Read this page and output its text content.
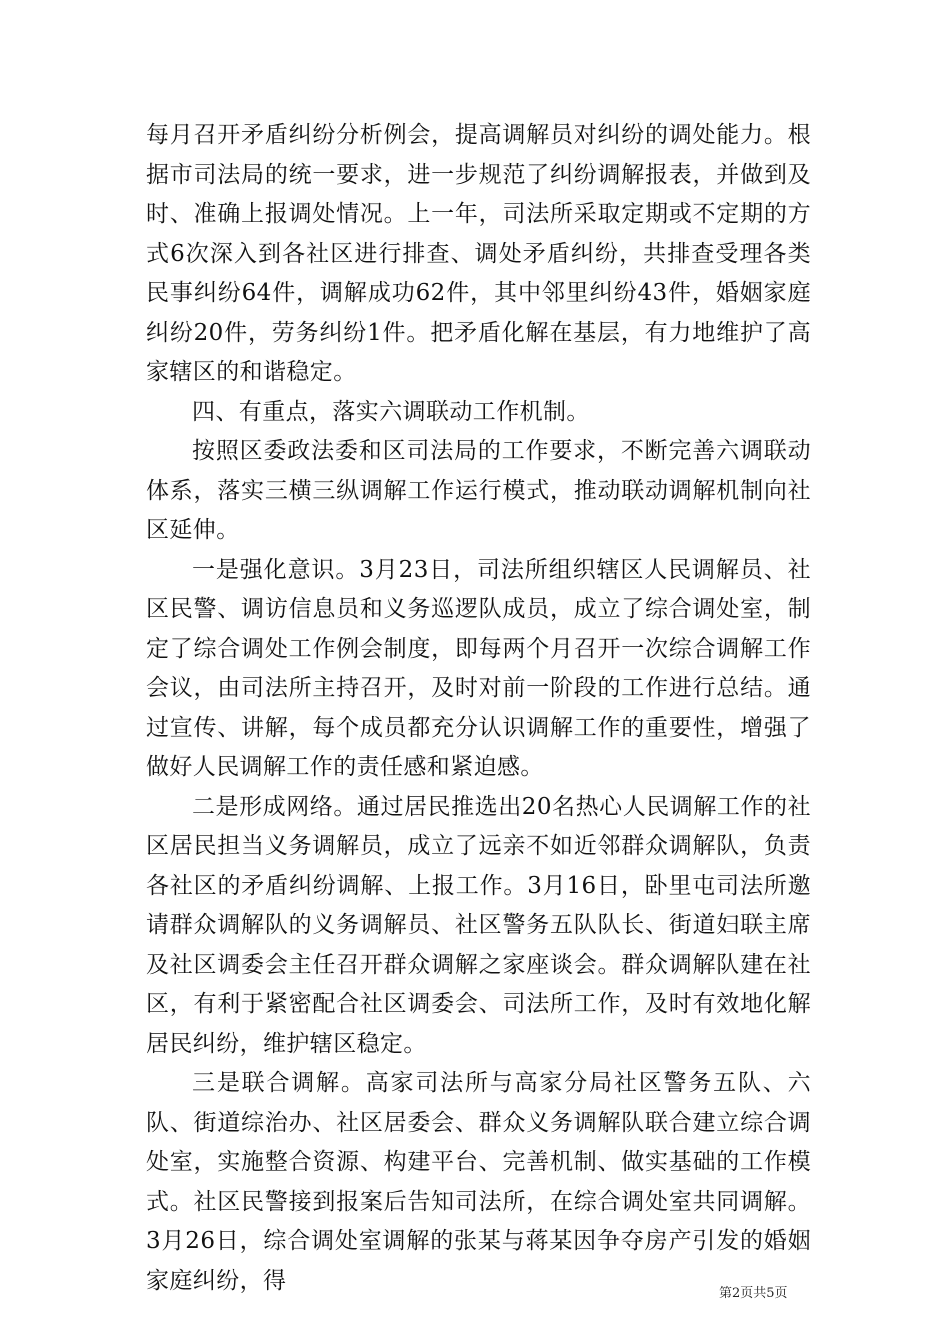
每月召开矛盾纠纷分析例会，提高调解员对纠纷的调处能力。根据市司法局的统一要求，进一步规范了纠纷调解报表，并做到及时、准确上报调处情况。上一年，司法所采取定期或不定期的方式6次深入到各社区进行排查、调处矛盾纠纷，共排查受理各类民事纠纷64件，调解成功62件，其中邻里纠纷43件，婚姻家庭纠纷20件，劳务纠纷1件。把矛盾化解在基层，有力地维护了高家辖区的和谐稳定。

四、有重点，落实六调联动工作机制。

按照区委政法委和区司法局的工作要求，不断完善六调联动体系，落实三横三纵调解工作运行模式，推动联动调解机制向社区延伸。

一是强化意识。3月23日，司法所组织辖区人民调解员、社区民警、调访信息员和义务巡逻队成员，成立了综合调处室，制定了综合调处工作例会制度，即每两个月召开一次综合调解工作会议，由司法所主持召开，及时对前一阶段的工作进行总结。通过宣传、讲解，每个成员都充分认识调解工作的重要性，增强了做好人民调解工作的责任感和紧迫感。

二是形成网络。通过居民推选出20名热心人民调解工作的社区居民担当义务调解员，成立了远亲不如近邻群众调解队，负责各社区的矛盾纠纷调解、上报工作。3月16日，卧里屯司法所邀请群众调解队的义务调解员、社区警务五队队长、街道妇联主席及社区调委会主任召开群众调解之家座谈会。群众调解队建在社区，有利于紧密配合社区调委会、司法所工作，及时有效地化解居民纠纷，维护辖区稳定。

三是联合调解。高家司法所与高家分局社区警务五队、六队、街道综治办、社区居委会、群众义务调解队联合建立综合调处室，实施整合资源、构建平台、完善机制、做实基础的工作模式。社区民警接到报案后告知司法所，在综合调处室共同调解。3月26日，综合调处室调解的张某与蒋某因争夺房产引发的婚姻家庭纠纷，得	第2页共5页
